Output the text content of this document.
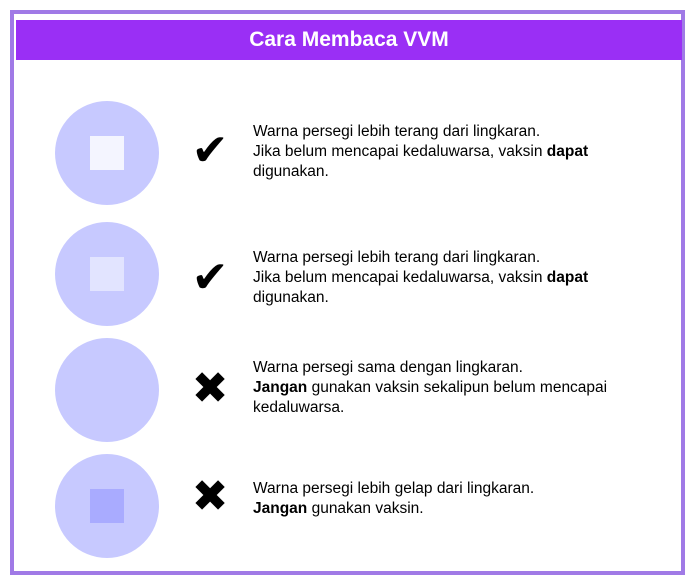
Cara Membaca VVM
✔	Warna persegi lebih terang dari lingkaran.
Jika belum mencapai kedaluwarsa, vaksin dapat
digunakan.
✔	Warna persegi lebih terang dari lingkaran.
Jika belum mencapai kedaluwarsa, vaksin dapat
digunakan.
✖	Warna persegi sama dengan lingkaran.
Jangan gunakan vaksin sekalipun belum mencapai
kedaluwarsa.
✖	Warna persegi lebih gelap dari lingkaran.
Jangan gunakan vaksin.
